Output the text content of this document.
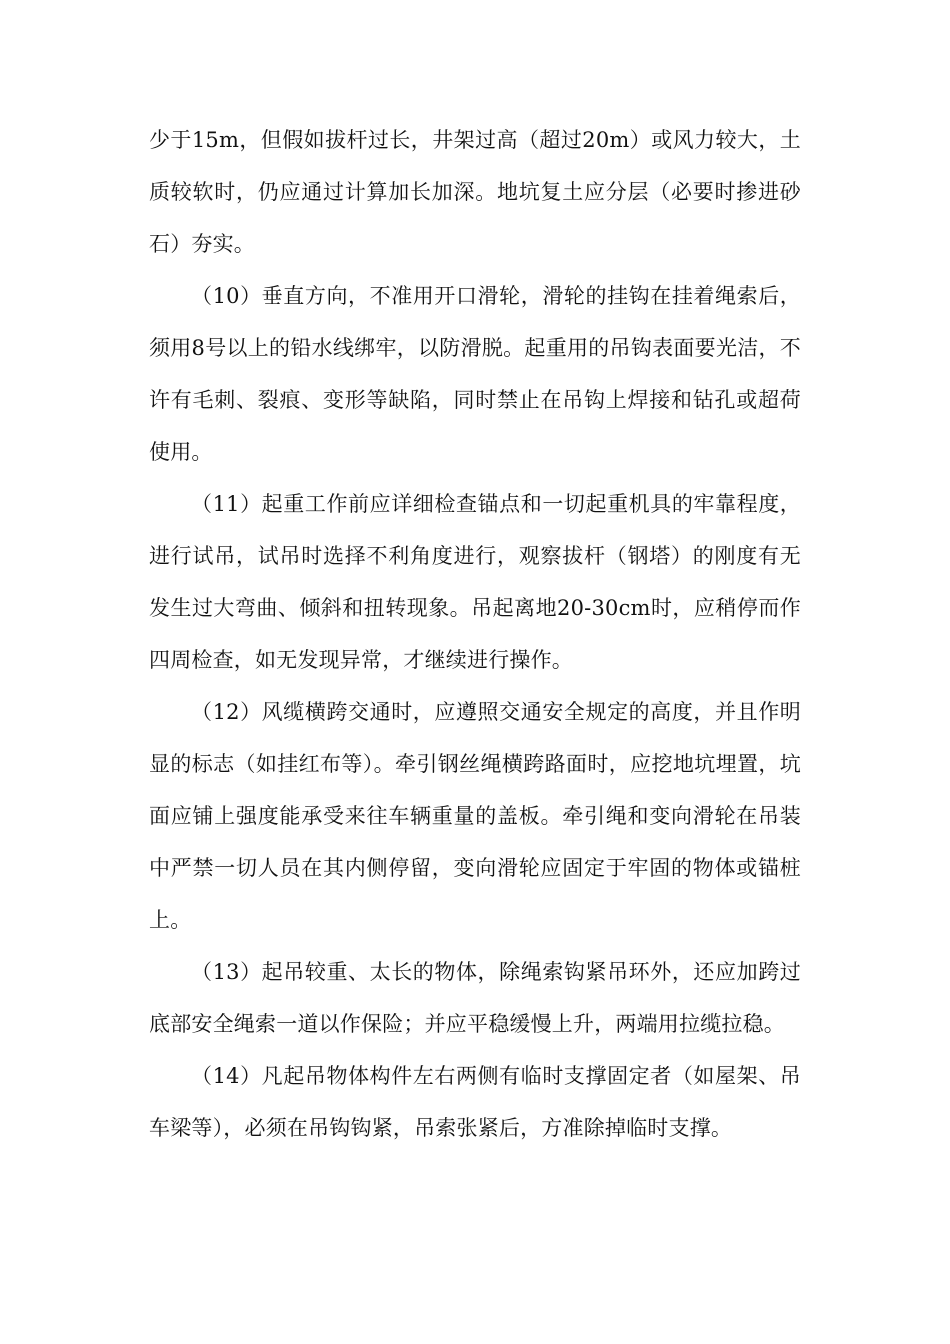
少于15m，但假如拔杆过长，井架过高（超过20m）或风力较大，土质较软时，仍应通过计算加长加深。地坑复土应分层（必要时掺进砂石）夯实。

（10）垂直方向，不准用开口滑轮，滑轮的挂钩在挂着绳索后，须用8号以上的铅水线绑牢，以防滑脱。起重用的吊钩表面要光洁，不许有毛刺、裂痕、变形等缺陷，同时禁止在吊钩上焊接和钻孔或超荷使用。

（11）起重工作前应详细检查锚点和一切起重机具的牢靠程度，进行试吊，试吊时选择不利角度进行，观察拔杆（钢塔）的刚度有无发生过大弯曲、倾斜和扭转现象。吊起离地20-30cm时，应稍停而作四周检查，如无发现异常，才继续进行操作。

（12）风缆横跨交通时，应遵照交通安全规定的高度，并且作明显的标志（如挂红布等）。牵引钢丝绳横跨路面时，应挖地坑埋置，坑面应铺上强度能承受来往车辆重量的盖板。牵引绳和变向滑轮在吊装中严禁一切人员在其内侧停留，变向滑轮应固定于牢固的物体或锚桩上。

（13）起吊较重、太长的物体，除绳索钩紧吊环外，还应加跨过底部安全绳索一道以作保险；并应平稳缓慢上升，两端用拉缆拉稳。

（14）凡起吊物体构件左右两侧有临时支撑固定者（如屋架、吊车梁等），必须在吊钩钩紧，吊索张紧后，方准除掉临时支撑。
